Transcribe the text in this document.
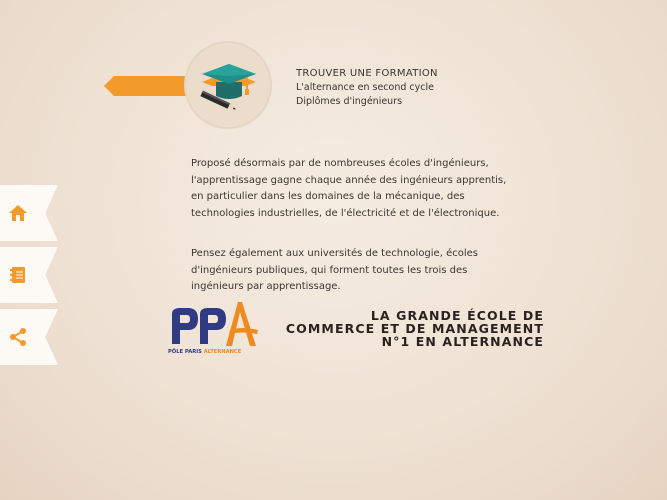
TROUVER UNE FORMATION
L'alternance en second cycle
Diplômes d'ingénieurs
Proposé désormais par de nombreuses écoles d'ingénieurs, l'apprentissage gagne chaque année des ingénieurs apprentis, en particulier dans les domaines de la mécanique, des technologies industrielles, de l'électricité et de l'électronique.
Pensez également aux universités de technologie, écoles d'ingénieurs publiques, qui forment toutes les trois des ingénieurs par apprentissage.
PÔLE PARIS ALTERNANCE
LA GRANDE ÉCOLE DE
COMMERCE ET DE MANAGEMENT
N°1 EN ALTERNANCE
